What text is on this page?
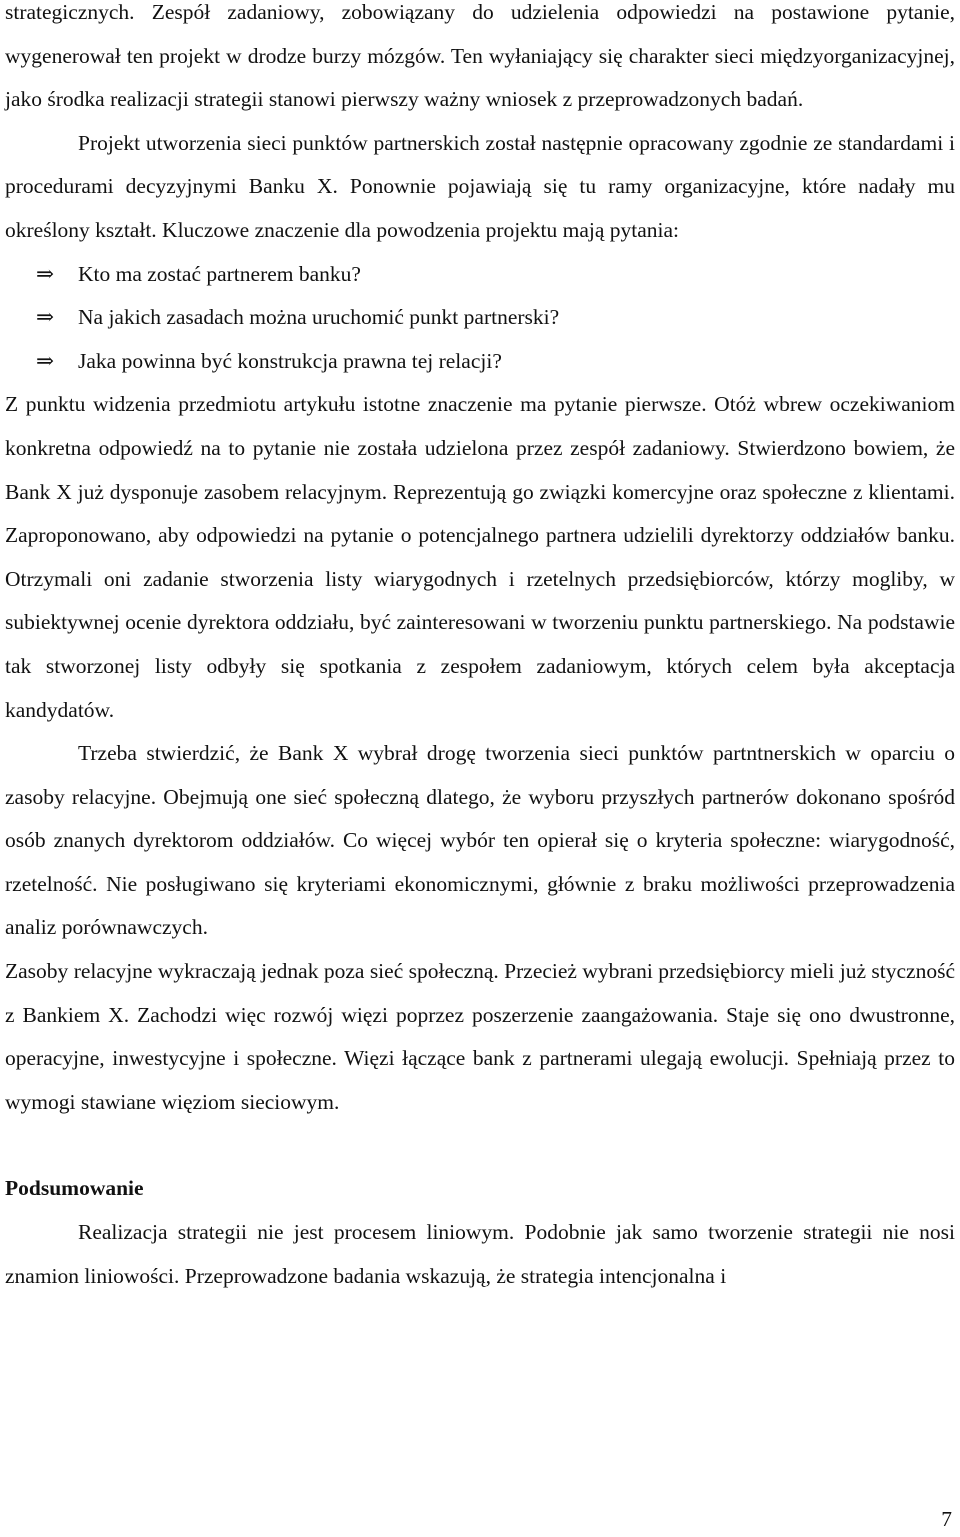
strategicznych. Zespół zadaniowy, zobowiązany do udzielenia odpowiedzi na postawione pytanie, wygenerował ten projekt w drodze burzy mózgów. Ten wyłaniający się charakter sieci międzyorganizacyjnej, jako środka realizacji strategii stanowi pierwszy ważny wniosek z przeprowadzonych badań.

Projekt utworzenia sieci punktów partnerskich został następnie opracowany zgodnie ze standardami i procedurami decyzyjnymi Banku X. Ponownie pojawiają się tu ramy organizacyjne, które nadały mu określony kształt. Kluczowe znaczenie dla powodzenia projektu mają pytania:

⇒ Kto ma zostać partnerem banku?
⇒ Na jakich zasadach można uruchomić punkt partnerski?
⇒ Jaka powinna być konstrukcja prawna tej relacji?

Z punktu widzenia przedmiotu artykułu istotne znaczenie ma pytanie pierwsze. Otóż wbrew oczekiwaniom konkretna odpowiedź na to pytanie nie została udzielona przez zespół zadaniowy. Stwierdzono bowiem, że Bank X już dysponuje zasobem relacyjnym. Reprezentują go związki komercyjne oraz społeczne z klientami. Zaproponowano, aby odpowiedzi na pytanie o potencjalnego partnera udzielili dyrektorzy oddziałów banku. Otrzymali oni zadanie stworzenia listy wiarygodnych i rzetelnych przedsiębiorców, którzy mogliby, w subiektywnej ocenie dyrektora oddziału, być zainteresowani w tworzeniu punktu partnerskiego. Na podstawie tak stworzonej listy odbyły się spotkania z zespołem zadaniowym, których celem była akceptacja kandydatów.

Trzeba stwierdzić, że Bank X wybrał drogę tworzenia sieci punktów partntnerskich w oparciu o zasoby relacyjne. Obejmują one sieć społeczną dlatego, że wyboru przyszłych partnerów dokonano spośród osób znanych dyrektorom oddziałów. Co więcej wybór ten opierał się o kryteria społeczne: wiarygodność, rzetelność. Nie posługiwano się kryteriami ekonomicznymi, głównie z braku możliwości przeprowadzenia analiz porównawczych.

Zasoby relacyjne wykraczają jednak poza sieć społeczną. Przecież wybrani przedsiębiorcy mieli już styczność z Bankiem X. Zachodzi więc rozwój więzi poprzez poszerzenie zaangażowania. Staje się ono dwustronne, operacyjne, inwestycyjne i społeczne. Więzi łączące bank z partnerami ulegają ewolucji. Spełniają przez to wymogi stawiane więziom sieciowym.

Podsumowanie

Realizacja strategii nie jest procesem liniowym. Podobnie jak samo tworzenie strategii nie nosi znamion liniowości. Przeprowadzone badania wskazują, że strategia intencjonalna i

7
